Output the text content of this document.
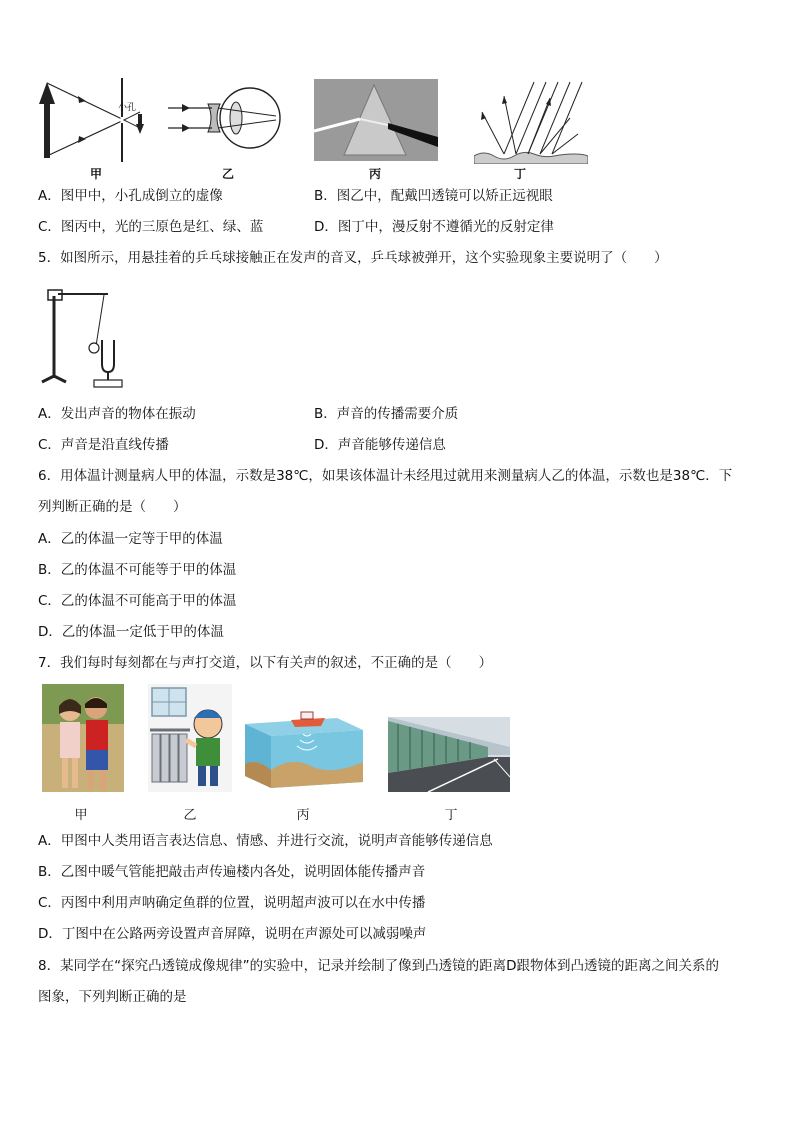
小孔
甲	乙	丙	丁
A．图甲中，小孔成倒立的虚像	B．图乙中，配戴凹透镜可以矫正远视眼
C．图丙中，光的三原色是红、绿、蓝	D．图丁中，漫反射不遵循光的反射定律
5．如图所示，用悬挂着的乒乓球接触正在发声的音叉，乒乓球被弹开，这个实验现象主要说明了（　　）
A．发出声音的物体在振动	B．声音的传播需要介质
C．声音是沿直线传播	D．声音能够传递信息
6．用体温计测量病人甲的体温，示数是38℃，如果该体温计未经甩过就用来测量病人乙的体温，示数也是38℃．下
列判断正确的是（　　）
A．乙的体温一定等于甲的体温
B．乙的体温不可能等于甲的体温
C．乙的体温不可能高于甲的体温
D．乙的体温一定低于甲的体温
7．我们每时每刻都在与声打交道，以下有关声的叙述，不正确的是（　　）
甲	乙	丙	丁
A．甲图中人类用语言表达信息、情感、并进行交流，说明声音能够传递信息
B．乙图中暖气管能把敲击声传遍楼内各处，说明固体能传播声音
C．丙图中利用声呐确定鱼群的位置，说明超声波可以在水中传播
D．丁图中在公路两旁设置声音屏障，说明在声源处可以减弱噪声
8．某同学在“探究凸透镜成像规律”的实验中，记录并绘制了像到凸透镜的距离D跟物体到凸透镜的距离之间关系的
图象，下列判断正确的是
